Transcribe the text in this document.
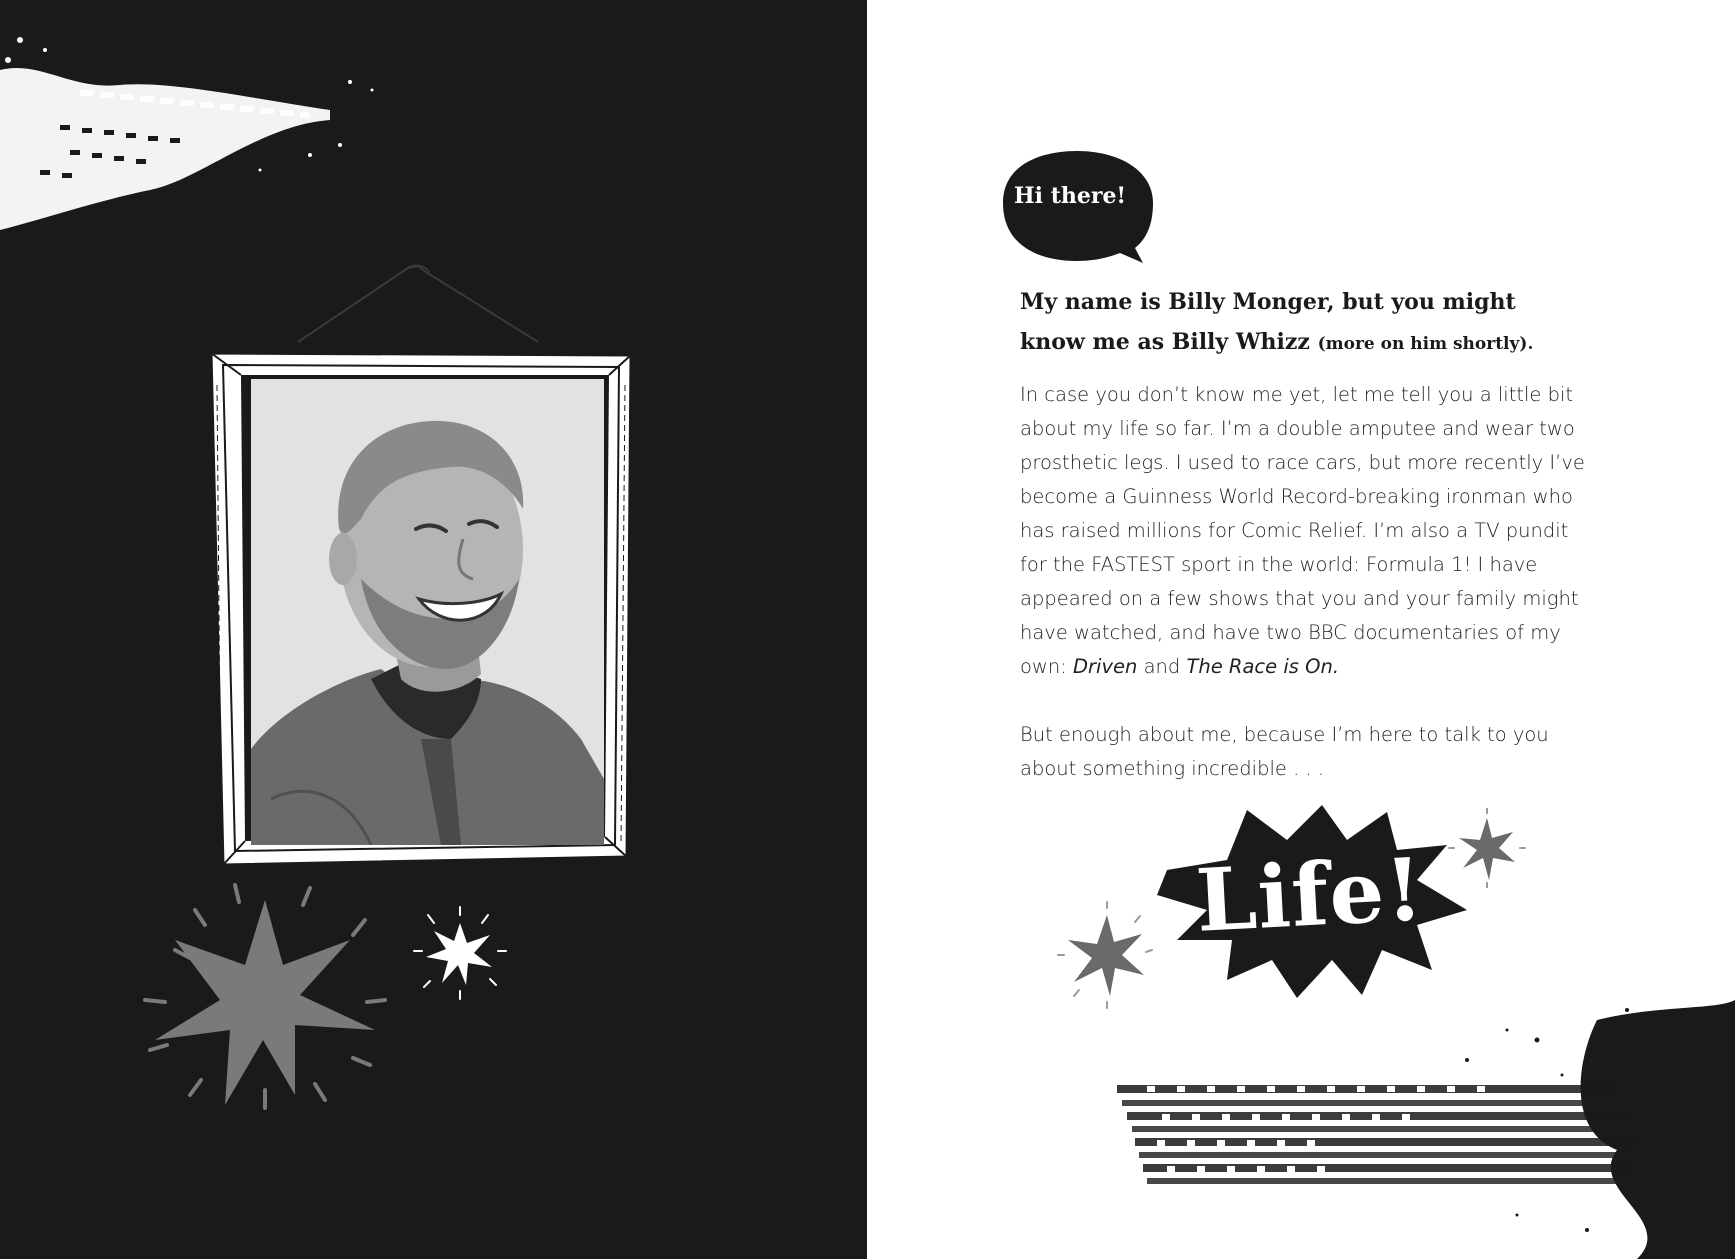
Hi there!
My name is Billy Monger, but you might know me as Billy Whizz (more on him shortly).

In case you don’t know me yet, let me tell you a little bit about my life so far. I’m a double amputee and wear two prosthetic legs. I used to race cars, but more recently I’ve become a Guinness World Record-breaking ironman who has raised millions for Comic Relief. I’m also a TV pundit for the FASTEST sport in the world: Formula 1! I have appeared on a few shows that you and your family might have watched, and have two BBC documentaries of my own: Driven and The Race is On.

But enough about me, because I’m here to talk to you about something incredible . . .

Life!
